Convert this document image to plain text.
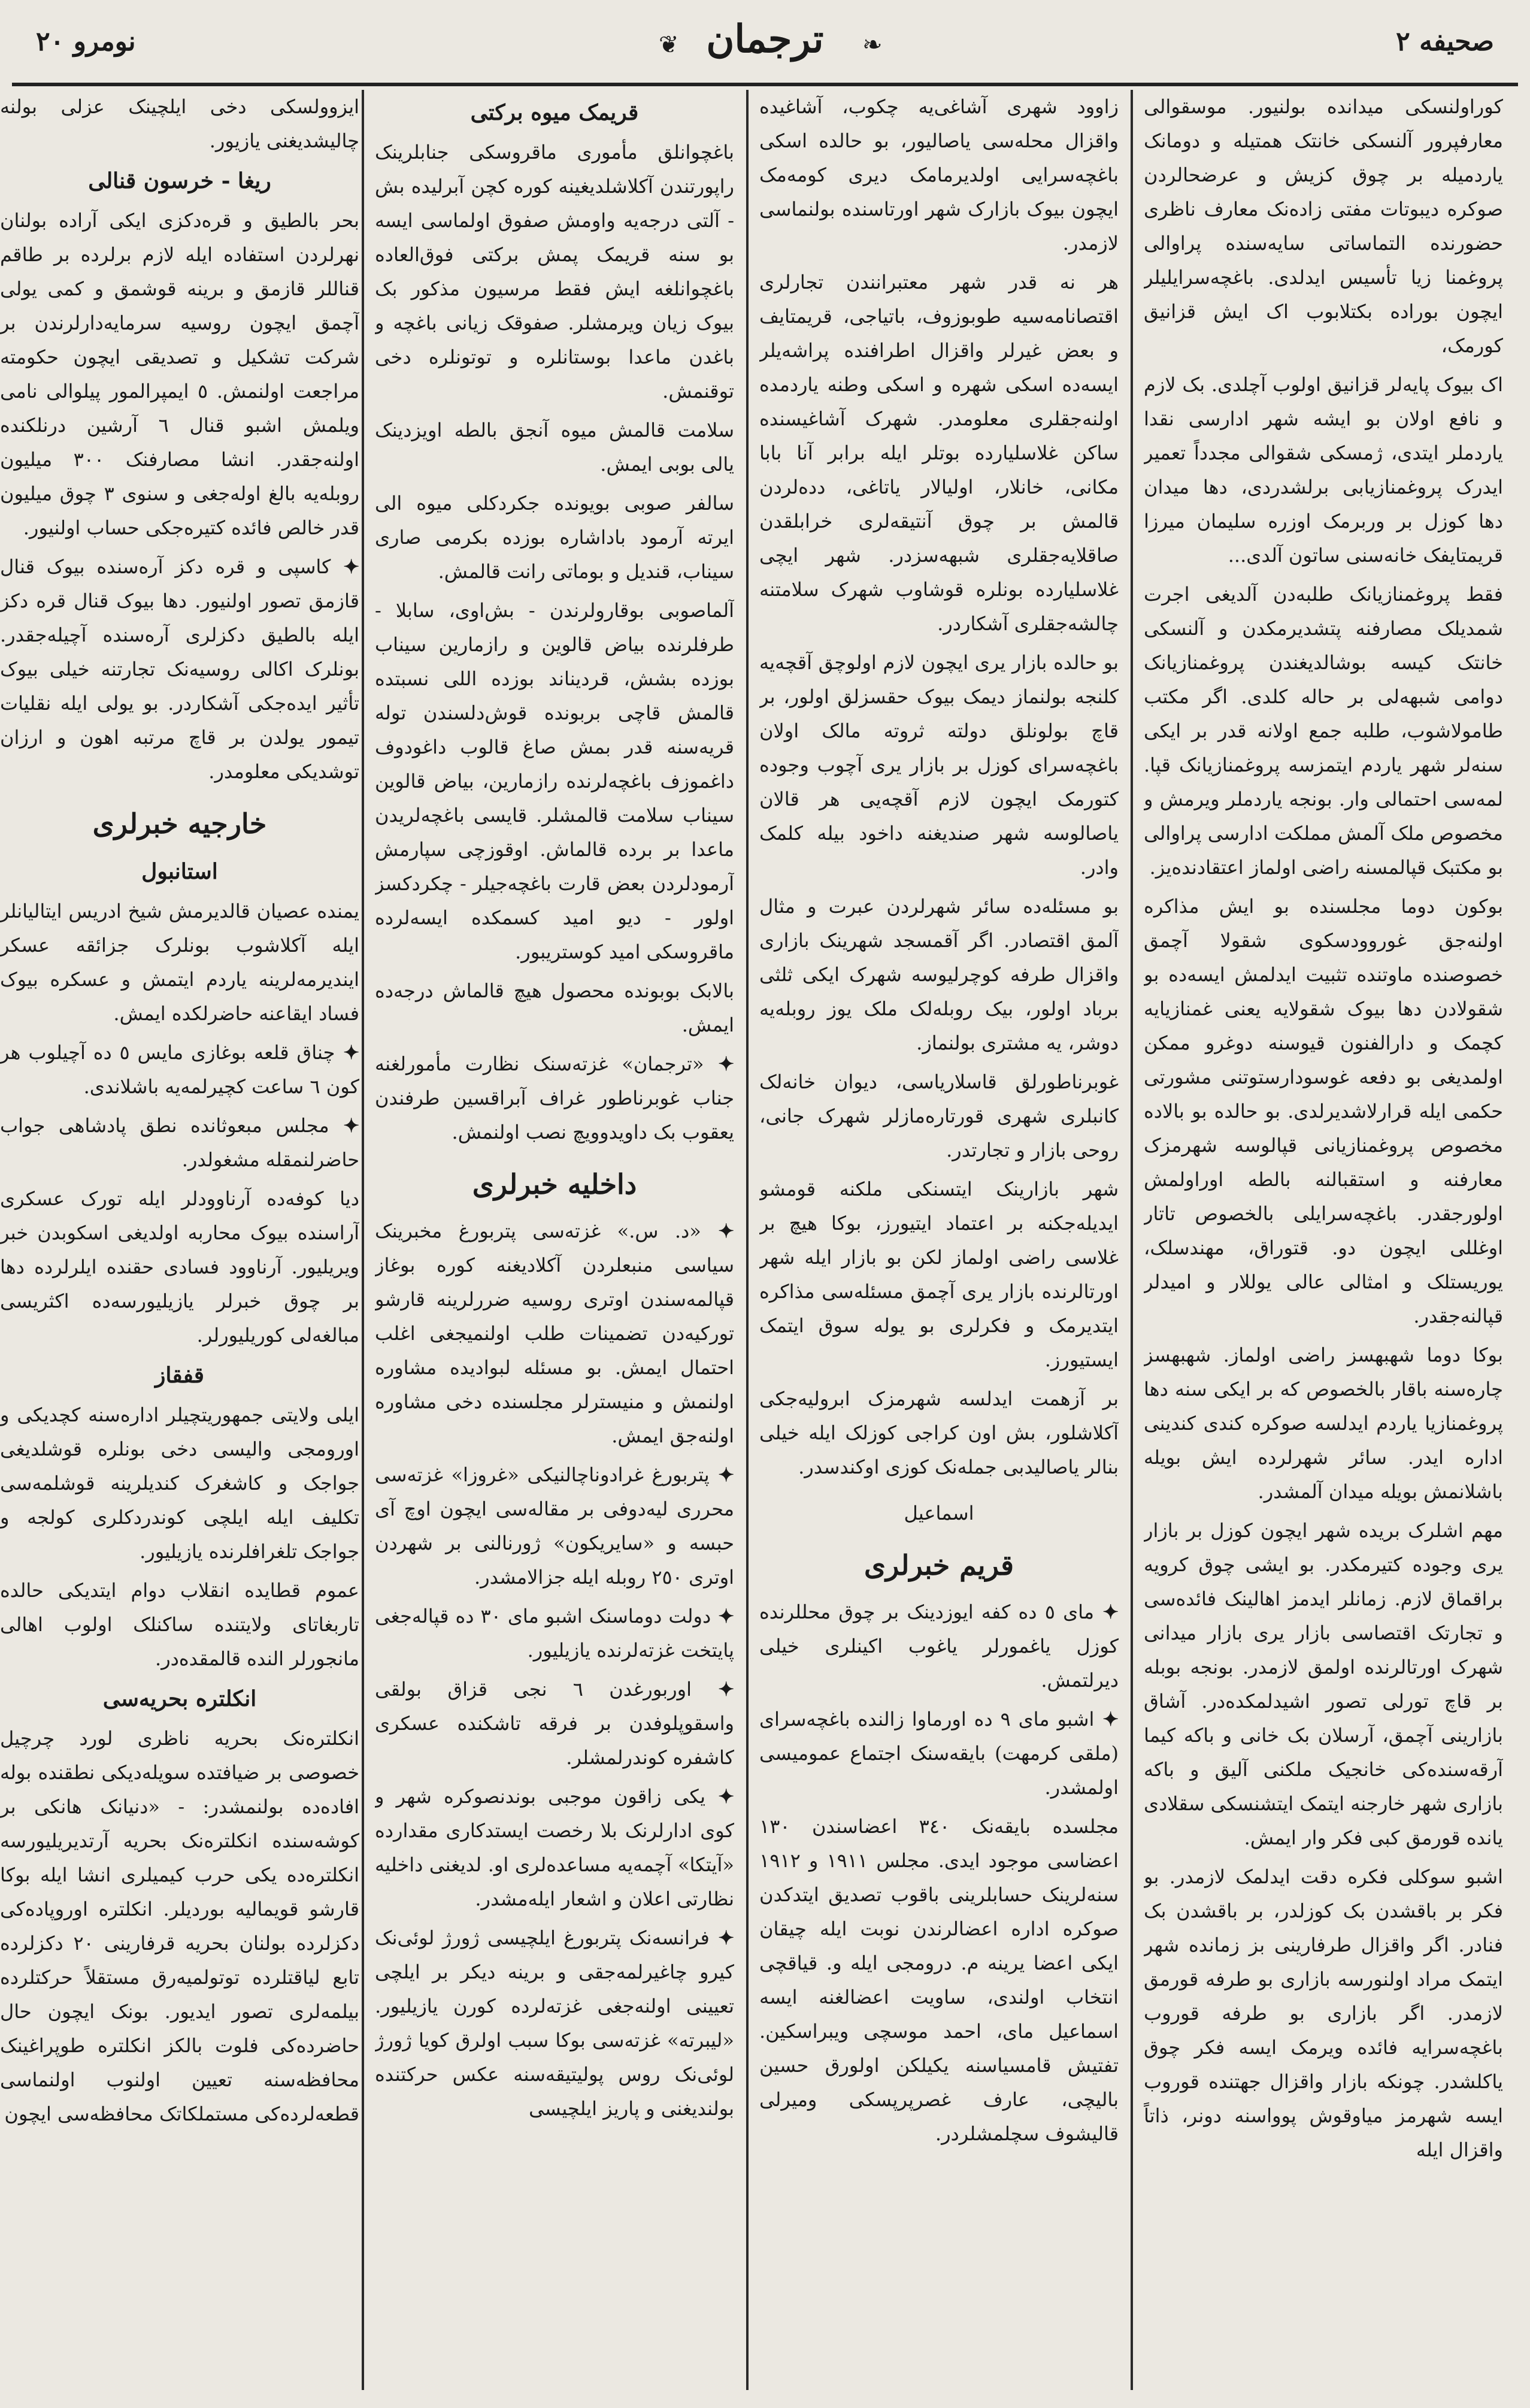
نومرو ٢٠	❦ ترجمان	❧	صحیفه ٢

کوراولنسکی میدانده بولنیور. موسقوالی معارفپرور آلنسکی خانتک همتیله و دومانک یاردمیله بر چوق کزیش و عرضحالردن صوکره دیبوتات مفتی زاده‌نک معارف ناظری حضورنده التماساتی سایه‌سنده پراوالی پروغمنا زیا تأسیس ایدلدی. باغچه‌سرایلیلر ایچون بوراده بکتلابوب اک ایش قزانیق کورمک،

اک بیوک پایه‌لر قزانیق اولوب آچلدی. بک لازم و نافع اولان بو ایشه شهر ادارسی نقدا یاردملر ایتدی، ژمسکی شقوالی مجدداً تعمیر ایدرک پروغمنازیابی برلشدردی، دها میدان دها کوزل بر وربرمک اوزره سلیمان میرزا قریمتایفک خانه‌سنی ساتون آلدی...

فقط پروغمنازیانک طلبه‌دن آلدیغی اجرت شمدیلک مصارفنه پتشدیرمکدن و آلنسکی خانتک کیسه بوشالدیغندن پروغمنازیانک دوامی شبهه‌لی بر حاله کلدی. اگر مکتب طامولاشوب، طلبه جمع اولانه قدر بر ایکی سنه‌لر شهر یاردم ایتمزسه پروغمنازیانک قپا. لمه‌سی احتمالی وار. بونجه یاردملر ویرمش و مخصوص ملک آلمش مملکت ادارسی پراوالی بو مکتبک قپالمسنه راضی اولماز اعتقادنده‌یز.

بوکون دوما مجلسنده بو ایش مذاکره اولنه‌جق غوروودسکوی شقولا آچمق خصوصنده ماوتنده تثبیت ایدلمش ایسه‌ده بو شقولادن دها بیوک شقولایه یعنی غمنازیایه کچمک و دارالفنون قیوسنه دوغرو ممکن اولمدیغی بو دفعه غوسودارستوتنی مشورتی حکمی ایله قرارلاشدیرلدی. بو حالده بو بالاده مخصوص پروغمنازیانی قپالوسه شهرمزک معارفنه و استقبالنه بالطه اوراولمش اولورجقدر. باغچه‌سرایلی بالخصوص تاتار اوغللی ایچون دو. قتوراق، مهندسلک، یوریستلک و امثالی عالی یوللار و امیدلر قپالنه‌جقدر.

بوکا دوما شهبهسز راضی اولماز. شهبهسز چاره‌سنه باقار بالخصوص که بر ایکی سنه دها پروغمنازیا یاردم ایدلسه صوکره کندی کندینی اداره ایدر. سائر شهرلرده ایش بویله باشلانمش بویله میدان آلمشدر.

مهم اشلرک بریده شهر ایچون کوزل بر بازار یری وجوده کتیرمکدر. بو ایشی چوق کرویه براقماق لازم. زمانلر ایدمز اهالینک فائده‌سی و تجارتک اقتصاسی بازار یری بازار میدانی شهرک اورتالرنده اولمق لازمدر. بونجه بوبله بر قاچ تورلی تصور اشیدلمکده‌در. آشاق بازارینی آچمق، آرسلان بک خانی و باکه کیما آرقه‌سنده‌کی خانجیک ملکنی آلیق و باکه بازاری شهر خارجنه ایتمک ایتشنسکی سقلادی یانده قورمق کبی فکر وار ایمش.

اشبو سوکلی فکره دقت ایدلمک لازمدر. بو فکر بر باقشدن بک کوزلدر، بر باقشدن بک فنادر. اگر واقزال طرفارینی بز زمانده شهر ایتمک مراد اولنورسه بازاری بو طرفه قورمق لازمدر. اگر بازاری بو طرفه قوروب باغچه‌سرایه فائده ویرمک ایسه فکر چوق یاکلشدر. چونکه بازار واقزال جهتنده قوروب ایسه شهرمز میاوقوش پوواسنه دونر، ذاتاً واقزال ایله

زاوود شهری آشاغی‌یه چکوب، آشاغیده واقزال محله‌سی یاصالیور، بو حالده اسکی باغچه‌سرایی اولدیرمامک دیری کومه‌مک ایچون بیوک بازارک شهر اورتاسنده بولنماسی لازمدر.

هر نه قدر شهر معتبرانندن تجارلری اقتصانامه‌سیه طوبوزوف، باتیاجی، قریمتایف و بعض غیرلر واقزال اطرافنده پراشه‌یلر ایسه‌ده اسکی شهره و اسکی وطنه یاردمده اولنه‌جقلری معلومدر. شهرک آشاغیسنده ساکن غلاسلیارده بوتلر ایله برابر آنا بابا مکانی، خانلار، اولیالار یاتاغی، دده‌لردن قالمش بر چوق آنتیقه‌لری خرابلقدن صاقلایه‌جقلری شبهه‌سزدر. شهر ایچی غلاسلیارده بونلره قوشاوب شهرک سلامتنه چالشه‌جقلری آشکاردر.

بو حالده بازار یری ایچون لازم اولوچق آقچه‌یه کلنجه بولنماز دیمک بیوک حقسزلق اولور، بر قاچ بولونلق دولته ثروته مالک اولان باغچه‌سرای کوزل بر بازار یری آچوب وجوده کتورمک ایچون لازم آقچه‌یی هر قالان یاصالوسه شهر صندیغنه داخود بیله کلمک وادر.

بو مسئله‌ده سائر شهرلردن عبرت و مثال آلمق اقتصادر. اگر آقمسجد شهرینک بازاری واقزال طرفه کوچرلیوسه شهرک ایکی ثلثی برباد اولور، بیک روبله‌لک ملک یوز روبله‌یه دوشر، یه مشتری بولنماز.

غوبرناطورلق قاسلاریاسی، دیوان خانه‌لک کانبلری شهری قورتاره‌مازلر شهرک جانی، روحی بازار و تجارتدر.

شهر بازارینک ایتسنکی ملکنه قومشو ایدیله‌جکنه بر اعتماد ایتیورز، بوکا هیچ بر غلاسی راضی اولماز لکن بو بازار ایله شهر اورتالرنده بازار یری آچمق مسئله‌سی مذاکره ایتدیرمک و فکرلری بو یوله سوق ایتمک ایستیورز.

بر آزهمت ایدلسه شهرمزک ابرولیه‌جکی آکلاشلور، بش اون کراجی کوزلک ایله خیلی بنالر یاصالیدبی جمله‌نک کوزی اوکندسدر.

اسماعیل
قریم خبرلری

✦ مای ٥ ده کفه ایوزدینک بر چوق محللرنده کوزل یاغمورلر یاغوب اکینلری خیلی دیرلتمش.

✦ اشبو مای ٩ ده اورماوا زالنده باغچه‌سرای (ملقی کرمهت) بایقه‌سنک اجتماع عمومیسی اولمشدر.

مجلسده بایقه‌نک ٣٤٠ اعضاسندن ١٣٠ اعضاسی موجود ایدی. مجلس ١٩١١ و ١٩١٢ سنه‌لرینک حسابلرینی باقوب تصدیق ایتدکدن صوکره اداره اعضالرندن نوبت ایله چیقان ایکی اعضا یرینه م. درومجی ایله و. قیاقچی انتخاب اولندی، ساویت اعضالغنه ایسه اسماعیل مای، احمد موسچی ویبراسکین. تفتیش قامسیاسنه یکیلکن اولورق حسین بالیچی، عارف غصرپرپسکی ومیرلی قالیشوف سچلمشلردر.

قریمک میوه برکتی

باغچوانلق مأموری ماقروسکی جنابلرینک راپورتندن آکلاشلدیغینه کوره کچن آبرلیده بش - آلتی درجه‌یه واومش صفوق اولماسی ایسه بو سنه قریمک پمش برکتی فوق‌العاده باغچوانلغه ایش فقط مرسیون مذکور بک بیوک زیان ویرمشلر. صفوقک زیانی باغچه و باغدن ماعدا بوستانلره و توتونلره دخی توقنمش.

سلامت قالمش میوه آنجق بالطه اویزدینک یالی بوبی ایمش.

سالفر صوبی بویونده جکردکلی میوه الی ایرته آرمود باداشاره بوزده بکرمی صاری سیناب، قندیل و بوماتی رانت قالمش.

آلماصوبی بوقارولرندن - بش‌اوی، سابلا - طرفلرنده بیاض قالوین و رازمارین سیناب بوزده بشش، قردیناند بوزده اللی نسبتده قالمش قاچی بربونده قوش‌دلسندن توله قریه‌سنه قدر بمش صاغ قالوب داغودوف داغموزف باغچه‌لرنده رازمارین، بیاض قالوین سیناب سلامت قالمشلر. قایسی باغچه‌لریدن ماعدا بر برده قالماش. اوقوزچی سپارمش آرمودلردن بعض قارت باغچه‌جیلر - چکردکسز اولور - دیو امید کسمکده ایسه‌لرده ماقروسکی امید کوستریبور.

بالابک بوبونده محصول هیچ قالماش درجه‌ده ایمش.

✦ «ترجمان» غزته‌سنک نظارت مأمورلغنه جناب غوبرناطور غراف آبراقسین طرفندن یعقوب بک داویدوویچ نصب اولنمش.

داخلیه خبرلری

✦ «د. س.» غزته‌سی پتربورغ مخبرینک سیاسی منبعلردن آکلادیغنه کوره بوغاز قپالمه‌سندن اوتری روسیه ضررلرینه قارشو توركیه‌دن تضمینات طلب اولنمیجغی اغلب احتمال ایمش. بو مسئله لبوادیده مشاوره اولنمش و منیسترلر مجلسنده دخی مشاوره اولنه‌جق ایمش.

✦ پتربورغ غرادوناچالنیکی «غروزا» غزته‌سی محرری لیه‌دوفی بر مقاله‌سی ایچون اوچ آی حبسه و «سایریکون» ژورنالنی بر شهردن اوتری ٢٥٠ روبله ایله جزالامشدر.

✦ دولت دوماسنک اشبو مای ٣٠ ده قپاله‌جغی پایتخت غزته‌لرنده یازیلیور.

✦ اوربورغدن ٦ نجی قزاق بولقی واسقوپلوفدن بر فرقه تاشکنده عسکری کاشفره کوندرلمشلر.

✦ یکی زاقون موجبی بوندنصوکره شهر و کوی ادارلرنک بلا رخصت ایستدکاری مقدارده «آیتکا» آچمه‌یه مساعده‌لری او. لدیغنی داخلیه نظارتی اعلان و اشعار ایله‌مشدر.

✦ فرانسه‌نک پتربورغ ایلچیسی ژورژ لوئی‌نک کیرو چاغیرلمه‌جقی و برینه دیکر بر ایلچی تعیینی اولنه‌جغی غزته‌لرده کورن یازیلیور. «لیبرته» غزته‌سی بوکا سبب اولرق کویا ژورژ لوئی‌نک روس پولیتیقه‌سنه عکس حرکتنده بولندیغنی و پاریز ایلچیسی

ایزوولسکی دخی ایلچینک عزلی بولنه چالیشدیغنی یازیور.

ریغا - خرسون قنالی

بحر بالطیق و قره‌دکزی ایکی آراده بولنان نهرلردن استفاده ایله لازم برلرده بر طاقم قناللر قازمق و برینه قوشمق و کمی یولی آچمق ایچون روسیه سرمایه‌دارلرندن بر شرکت تشکیل و تصدیقی ایچون حکومته مراجعت اولنمش. ٥ ایمپرالمور پیلوالی نامی ویلمش اشبو قنال ٦ آرشین درنلکنده اولنه‌جقدر. انشا مصارفنک ٣٠٠ میلیون روبله‌یه بالغ اوله‌جغی و سنوی ٣ چوق میلیون قدر خالص فائده کتیره‌جکی حساب اولنیور.

✦ کاسپی و قره دکز آره‌سنده بیوک قنال قازمق تصور اولنیور. دها بیوک قنال قره دکز ایله بالطیق دکزلری آره‌سنده آچیله‌جقدر. بونلرک اکالی روسیه‌نک تجارتنه خیلی بیوک تأثیر ایده‌جکی آشکاردر. بو یولی ایله نقلیات تیمور یولدن بر قاچ مرتبه اهون و ارزان توشدیکی معلومدر.

خارجیه خبرلری
استانبول

یمنده عصیان قالدیرمش شیخ ادریس ایتالیانلر ایله آکلاشوب بونلرک جزائقه عسکر ایندیرمه‌لرینه یاردم ایتمش و عسکره بیوک فساد ایقاعنه حاضرلکده ایمش.

✦ چناق قلعه بوغازی مایس ٥ ده آچیلوب هر کون ٦ ساعت کچیرلمه‌یه باشلاندی.

✦ مجلس مبعوثانده نطق پادشاهی جواب حاضرلنمقله مشغولدر.

دیا کوفه‌ده آرناوودلر ایله تورک عسکری آراسنده بیوک محاربه اولدیغی اسکوبدن خبر ویریلیور. آرناوود فسادی حقنده ایلرلرده دها بر چوق خبرلر یازیلیورسه‌ده اکثریسی مبالغه‌لی کوریلیورلر.

قفقاز

ایلی ولایتی جمهوریتچیلر اداره‌سنه کچدیکی و اورومجی والیسی دخی بونلره قوشلدیغی جواجک و کاشغرک کندیلرینه قوشلمه‌سی تکلیف ایله ایلچی کوندردکلری کولجه و جواجک تلغرافلرنده یازیلیور.

عموم قطایده انقلاب دوام ایتدیکی حالده تاربغاتای ولایتنده ساکنلک اولوب اهالی مانجورلر النده قالمقده‌در.

انکلتره بحریه‌سی

انکلتره‌نک بحریه ناظری لورد چرچیل خصوصی بر ضیافتده سویله‌دیکی نطقنده بوله افاده‌ده بولنمشدر: - «دنیانک هانکی بر کوشه‌سنده انکلتره‌نک بحریه آرتدیریلیورسه انکلتره‌ده یکی حرب کیمیلری انشا ایله بوکا قارشو قویمالیه بوردیلر. انکلتره اوروپاده‌کی دکزلرده بولنان بحریه قرفارینی ٢٠ دکزلرده تابع لیاقتلرده توتولمیه‌رق مستقلاً حرکتلرده بیلمه‌لری تصور ایدیور. بونک ایچون حال حاضرده‌کی فلوت بالکز انکلتره طوپراغینک محافظه‌سنه تعیین اولنوب اولنماسی قطعه‌لرده‌کی مستملکاتک محافظه‌سی ایچون
